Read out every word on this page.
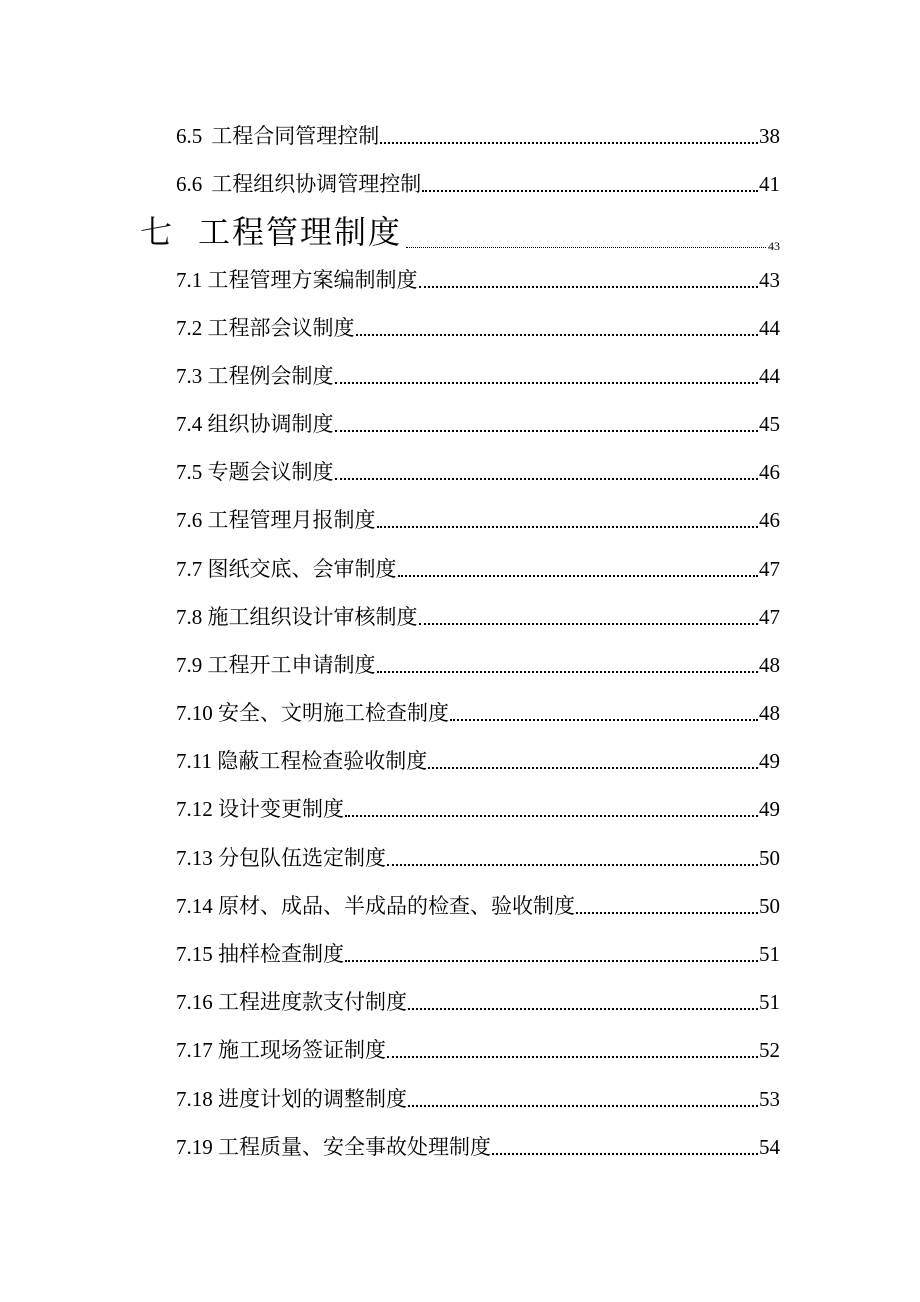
6.5 工程合同管理控制	38
6.6 工程组织协调管理控制	41
七 工程管理制度	43
7.1 工程管理方案编制制度	43
7.2 工程部会议制度	44
7.3 工程例会制度	44
7.4 组织协调制度	45
7.5 专题会议制度	46
7.6 工程管理月报制度	46
7.7 图纸交底、会审制度	47
7.8 施工组织设计审核制度	47
7.9 工程开工申请制度	48
7.10 安全、文明施工检查制度	48
7.11 隐蔽工程检查验收制度	49
7.12 设计变更制度	49
7.13 分包队伍选定制度	50
7.14 原材、成品、半成品的检查、验收制度	50
7.15 抽样检查制度	51
7.16 工程进度款支付制度	51
7.17 施工现场签证制度	52
7.18 进度计划的调整制度	53
7.19 工程质量、安全事故处理制度	54
